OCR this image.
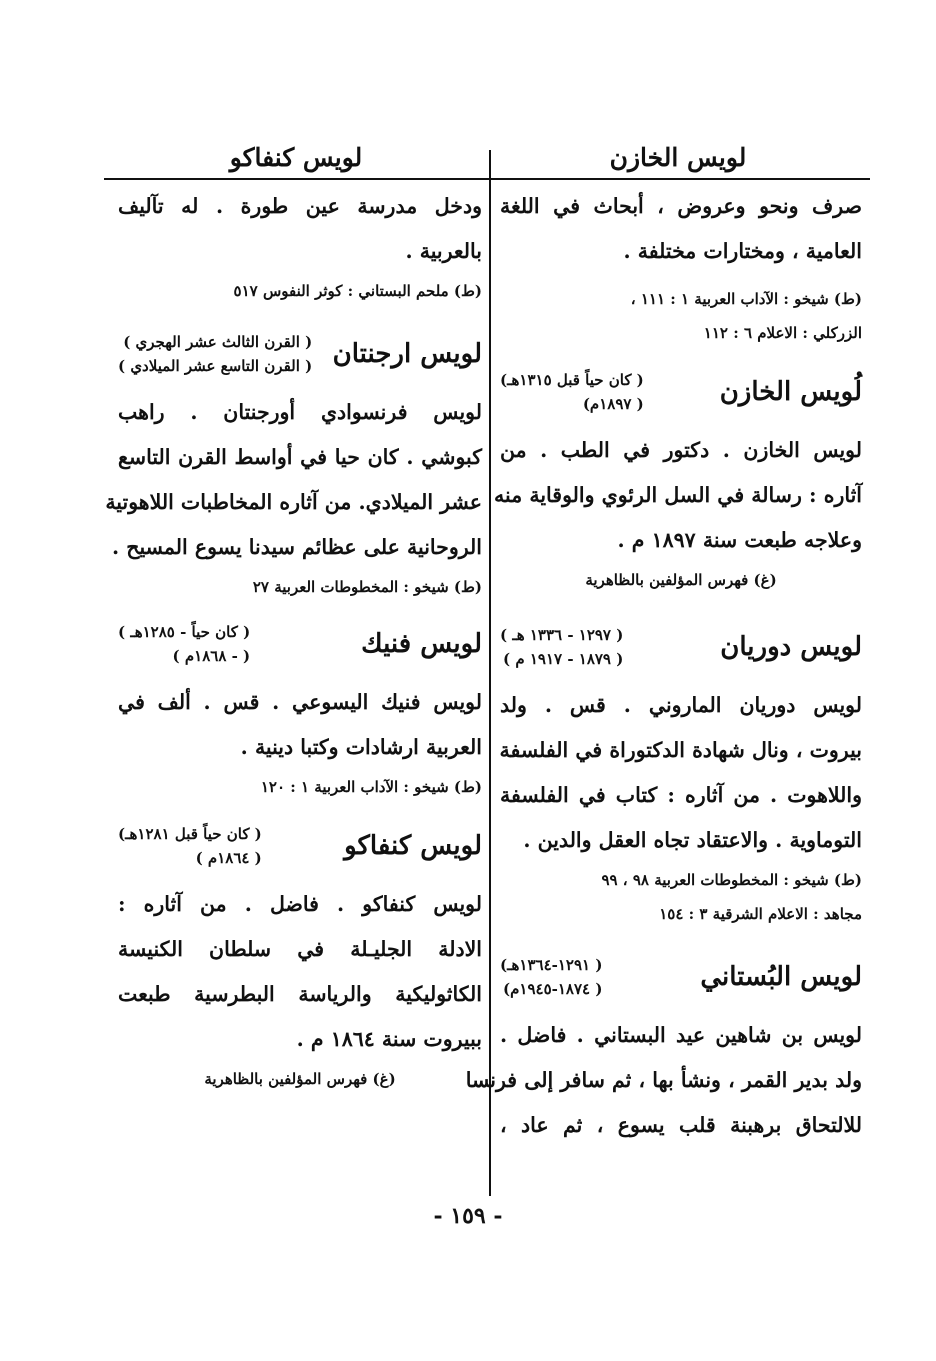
لويس الخازن
صرف ونحو وعروض ، أبحاث في اللغة
العامية ، ومختارات مختلفة .
(ط) شيخو : الآداب العربية ١ : ١١١ ،
الزركلي : الاعلام ٦ : ١١٢
لُويس الخازن
( كان حياً قبل ١٣١٥هـ)
( ١٨٩٧م)
لويس الخازن . دكتور في الطب . من
آثاره : رسالة في السل الرئوي والوقاية منه
وعلاجه طبعت سنة ١٨٩٧ م .
(غ) فهرس المؤلفين بالظاهرية
لويس دوريان
( ١٢٩٧ - ١٣٣٦ هـ )
( ١٨٧٩ - ١٩١٧ م )
لويس دوريان الماروني . قس . ولد
بيروت ، ونال شهادة الدكتوراة في الفلسفة
واللاهوت . من آثاره : كتاب في الفلسفة
التوماوية . والاعتقاد تجاه العقل والدين .
(ط) شيخو : المخطوطات العربية ٩٨ ، ٩٩
مجاهد : الاعلام الشرقية ٣ : ١٥٤
لويس البُستاني
( ١٢٩١-١٣٦٤هـ)
( ١٨٧٤-١٩٤٥م)
لويس بن شاهين عيد البستاني . فاضل .
ولد بدير القمر ، ونشأ بها ، ثم سافر إلى فرنسا
للالتحاق برهبنة قلب يسوع ، ثم عاد ،
لويس كنفاكو
ودخل مدرسة عين طورة . له تآليف
بالعربية .
(ط) ملحم البستاني : كوثر النفوس ٥١٧
لويس ارجنتان
( القرن الثالث عشر الهجري )
( القرن التاسع عشر الميلادي )
لويس فرنسوادي أورجنتان . راهب
كبوشي . كان حيا في أواسط القرن التاسع
عشر الميلادي. من آثاره المخاطبات اللاهوتية
الروحانية على عظائم سيدنا يسوع المسيح .
(ط) شيخو : المخطوطات العربية ٢٧
لويس فنيك
( كان حياً - ١٢٨٥هـ )
( - ١٨٦٨م )
لويس فنيك اليسوعي . قس . ألف في
العربية ارشادات وكتبا دينية .
(ط) شيخو : الآداب العربية ١ : ١٢٠
لويس كنفاكو
( كان حياً قبل ١٢٨١هـ)
( ١٨٦٤م )
لويس كنفاكو . فاضل . من آثاره :
الادلة الجليـلة في سلطان الكنيسة
الكاثوليكية والرياسة البطرسية طبعت
ببيروت سنة ١٨٦٤ م .
(غ) فهرس المؤلفين بالظاهرية
- ١٥٩ -
